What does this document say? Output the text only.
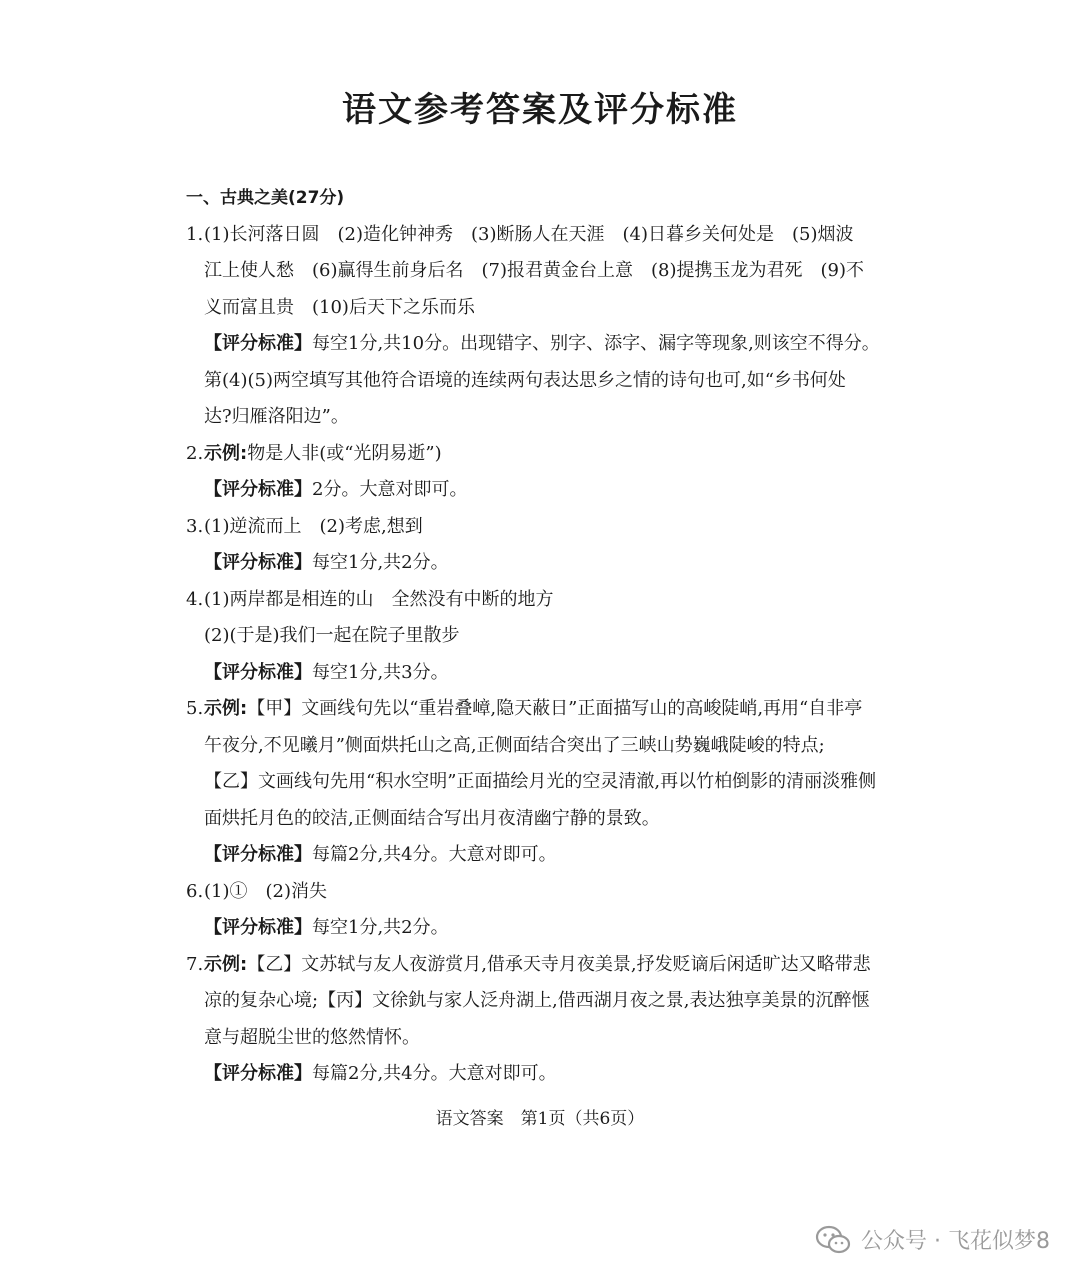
语文参考答案及评分标准

一、古典之美(27分)

1. (1)长河落日圆　(2)造化钟神秀　(3)断肠人在天涯　(4)日暮乡关何处是　(5)烟波

江上使人愁　(6)赢得生前身后名　(7)报君黄金台上意　(8)提携玉龙为君死　(9)不

义而富且贵　(10)后天下之乐而乐

【评分标准】每空1分,共10分。出现错字、别字、添字、漏字等现象,则该空不得分。

第(4)(5)两空填写其他符合语境的连续两句表达思乡之情的诗句也可,如“乡书何处

达?归雁洛阳边”。

2. 示例:物是人非(或“光阴易逝”)

【评分标准】2分。大意对即可。

3. (1)逆流而上　(2)考虑,想到

【评分标准】每空1分,共2分。

4. (1)两岸都是相连的山　全然没有中断的地方

(2)(于是)我们一起在院子里散步

【评分标准】每空1分,共3分。

5. 示例:【甲】文画线句先以“重岩叠嶂,隐天蔽日”正面描写山的高峻陡峭,再用“自非亭

午夜分,不见曦月”侧面烘托山之高,正侧面结合突出了三峡山势巍峨陡峻的特点;

【乙】文画线句先用“积水空明”正面描绘月光的空灵清澈,再以竹柏倒影的清丽淡雅侧

面烘托月色的皎洁,正侧面结合写出月夜清幽宁静的景致。

【评分标准】每篇2分,共4分。大意对即可。

6. (1)①　(2)消失

【评分标准】每空1分,共2分。

7. 示例:【乙】文苏轼与友人夜游赏月,借承天寺月夜美景,抒发贬谪后闲适旷达又略带悲

凉的复杂心境;【丙】文徐釚与家人泛舟湖上,借西湖月夜之景,表达独享美景的沉醉惬

意与超脱尘世的悠然情怀。

【评分标准】每篇2分,共4分。大意对即可。

语文答案　第1页（共6页）
公众号 · 飞花似梦8
